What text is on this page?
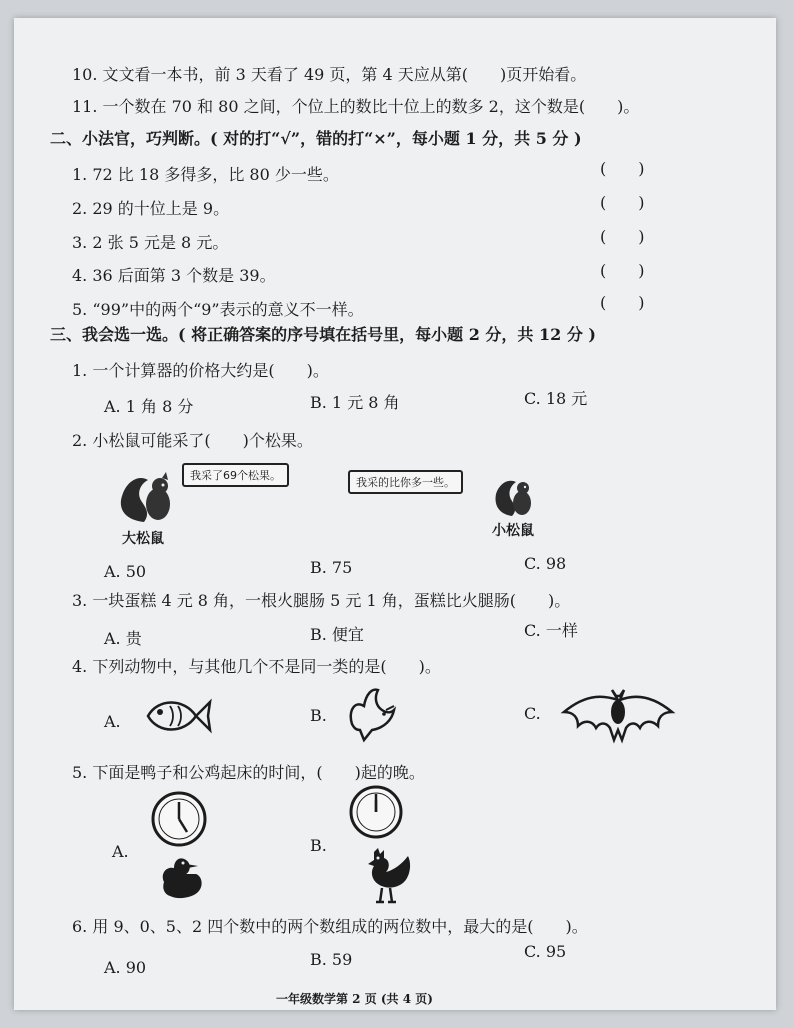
10. 文文看一本书，前 3 天看了 49 页，第 4 天应从第(　　)页开始看。
11. 一个数在 70 和 80 之间，个位上的数比十位上的数多 2，这个数是(　　)。
二、小法官，巧判断。( 对的打“√”，错的打“×”，每小题 1 分，共 5 分 )
1. 72 比 18 多得多，比 80 少一些。	(　　)
2. 29 的十位上是 9。	(　　)
3. 2 张 5 元是 8 元。	(　　)
4. 36 后面第 3 个数是 39。	(　　)
5. “99”中的两个“9”表示的意义不一样。	(　　)
三、我会选一选。( 将正确答案的序号填在括号里，每小题 2 分，共 12 分 )
1. 一个计算器的价格大约是(　　)。
A. 1 角 8 分	B. 1 元 8 角	C. 18 元
2. 小松鼠可能采了(　　)个松果。
我采了69个松果。
大松鼠
我采的比你多一些。
小松鼠
A. 50	B. 75	C. 98
3. 一块蛋糕 4 元 8 角，一根火腿肠 5 元 1 角，蛋糕比火腿肠(　　)。
A. 贵	B. 便宜	C. 一样
4. 下列动物中，与其他几个不是同一类的是(　　)。
A.	B.	C.
5. 下面是鸭子和公鸡起床的时间，(　　)起的晚。
A.	B.
6. 用 9、0、5、2 四个数中的两个数组成的两位数中，最大的是(　　)。
A. 90	B. 59	C. 95
一年级数学第 2 页 (共 4 页)
